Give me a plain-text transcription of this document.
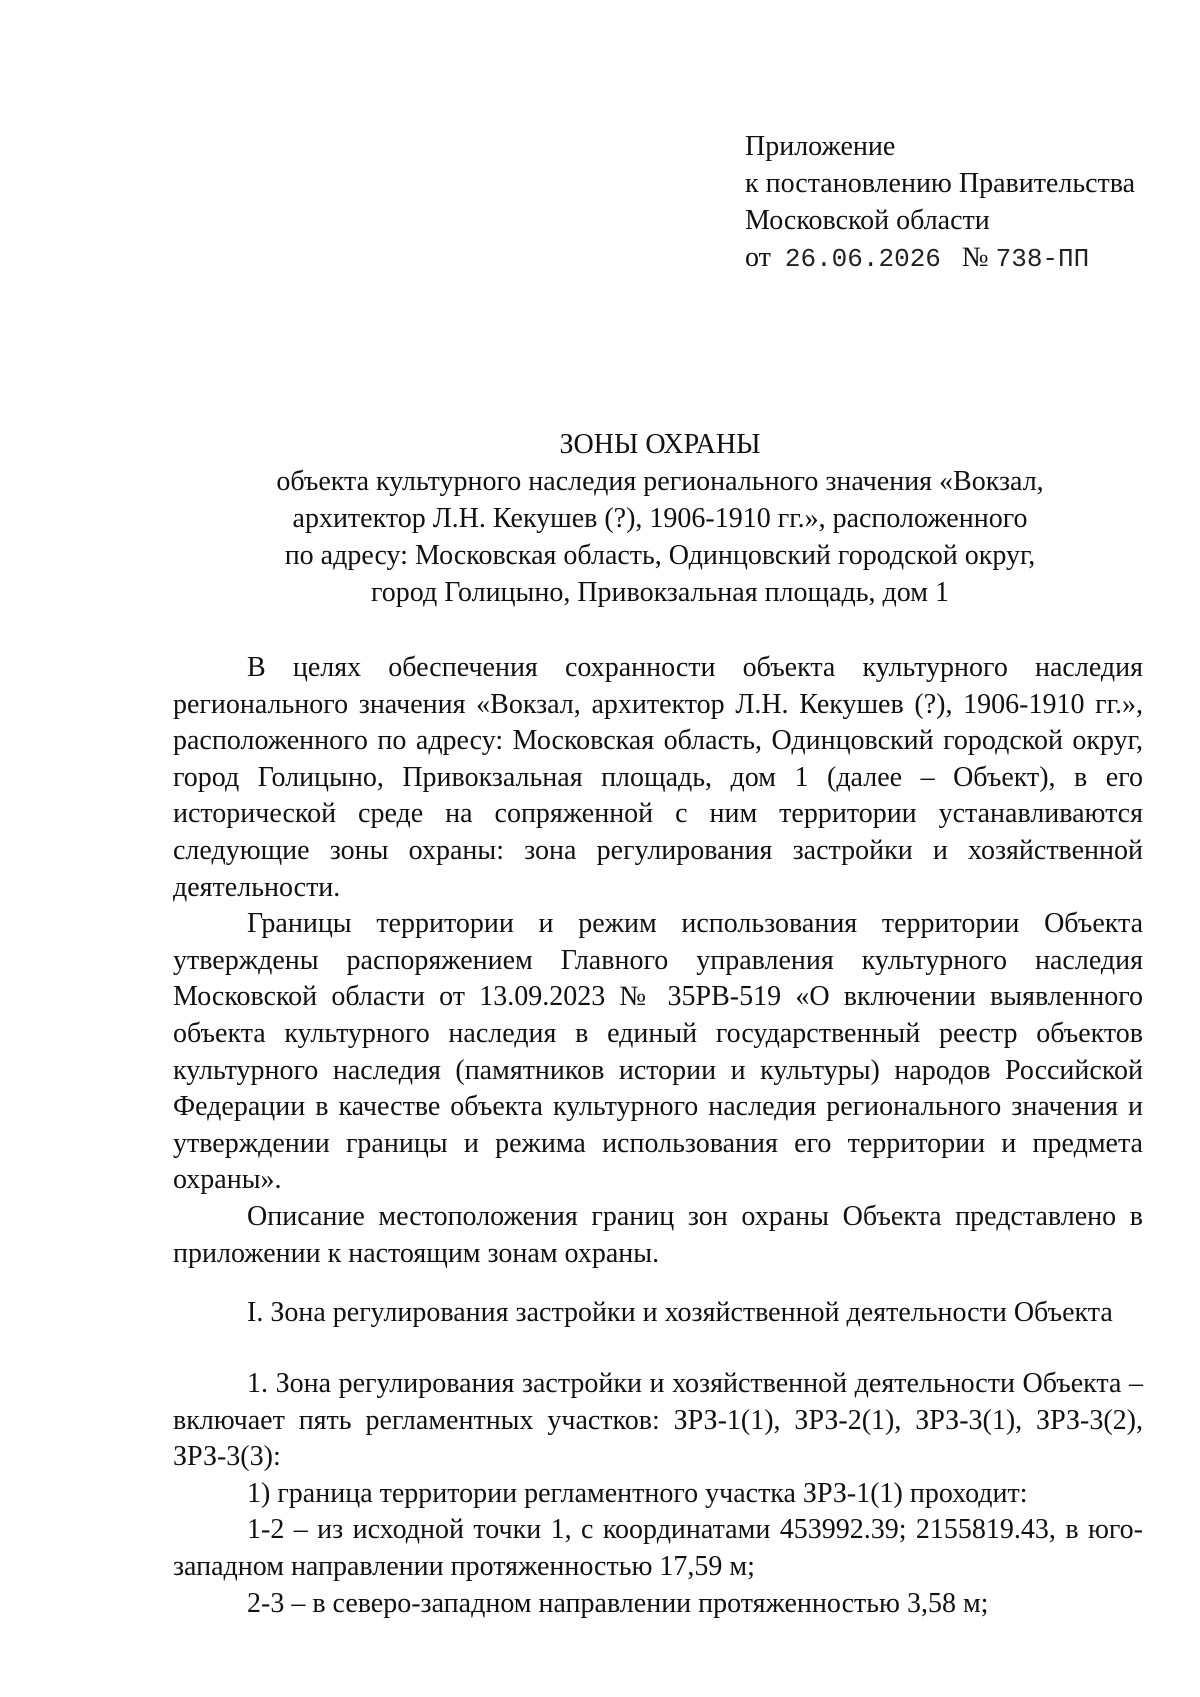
Приложение
к постановлению Правительства
Московской области
от 26.06.2026 № 738-ПП
ЗОНЫ ОХРАНЫ
объекта культурного наследия регионального значения «Вокзал,
архитектор Л.Н. Кекушев (?), 1906-1910 гг.», расположенного
по адресу: Московская область, Одинцовский городской округ,
город Голицыно, Привокзальная площадь, дом 1

В целях обеспечения сохранности объекта культурного наследия регионального значения «Вокзал, архитектор Л.Н. Кекушев (?), 1906-1910 гг.», расположенного по адресу: Московская область, Одинцовский городской округ, город Голицыно, Привокзальная площадь, дом 1 (далее – Объект), в его исторической среде на сопряженной с ним территории устанавливаются следующие зоны охраны: зона регулирования застройки и хозяйственной деятельности.

Границы территории и режим использования территории Объекта утверждены распоряжением Главного управления культурного наследия Московской области от 13.09.2023 № 35РВ-519 «О включении выявленного объекта культурного наследия в единый государственный реестр объектов культурного наследия (памятников истории и культуры) народов Российской Федерации в качестве объекта культурного наследия регионального значения и утверждении границы и режима использования его территории и предмета охраны».

Описание местоположения границ зон охраны Объекта представлено в приложении к настоящим зонам охраны.

I. Зона регулирования застройки и хозяйственной деятельности Объекта

1. Зона регулирования застройки и хозяйственной деятельности Объекта – включает пять регламентных участков: ЗРЗ-1(1), ЗРЗ-2(1), ЗРЗ-3(1), ЗРЗ-3(2), ЗРЗ-3(3):

1) граница территории регламентного участка ЗРЗ-1(1) проходит:

1-2 – из исходной точки 1, с координатами 453992.39; 2155819.43, в юго-западном направлении протяженностью 17,59 м;

2-3 – в северо-западном направлении протяженностью 3,58 м;
